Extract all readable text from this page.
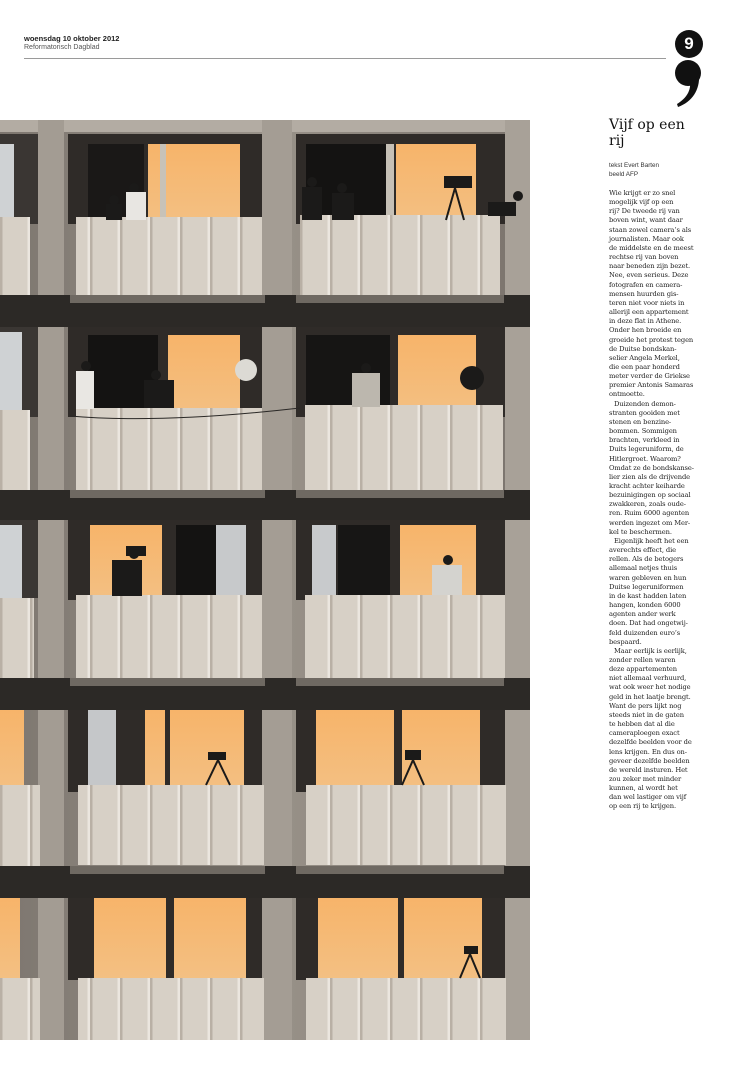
woensdag 10 oktober 2012
Reformatorisch Dagblad	9
Vijf op een
rij
tekst Evert Barten
beeld AFP
Wie krijgt er zo snel
mogelijk vijf op een
rij? De tweede rij van
boven wint, want daar
staan zowel camera’s als
journalisten. Maar ook
de middelste en de meest
rechtse rij van boven
naar beneden zijn bezet.
Nee, even serieus. Deze
fotografen en camera-
mensen huurden gis-
teren niet voor niets in
allerijl een appartement
in deze flat in Athene.
Onder hen broeide en
groeide het protest tegen
de Duitse bondskan-
selier Angela Merkel,
die een paar honderd
meter verder de Griekse
premier Antonis Samaras
ontmoette.
Duizenden demon-
stranten gooiden met
stenen en benzine-
bommen. Sommigen
brachten, verkleed in
Duits legeruniform, de
Hitlergroet. Waarom?
Omdat ze de bondskanse-
lier zien als de drijvende
kracht achter keiharde
bezuinigingen op sociaal
zwakkeren, zoals oude-
ren. Ruim 6000 agenten
werden ingezet om Mer-
kel te beschermen.
Eigenlijk heeft het een
averechts effect, die
rellen. Als de betogers
allemaal netjes thuis
waren gebleven en hun
Duitse legeruniformen
in de kast hadden laten
hangen, konden 6000
agenten ander werk
doen. Dat had ongetwij-
feld duizenden euro’s
bespaard.
Maar eerlijk is eerlijk,
zonder rellen waren
deze appartementen
niet allemaal verhuurd,
wat ook weer het nodige
geld in het laatje brengt.
Want de pers lijkt nog
steeds niet in de gaten
te hebben dat al die
cameraploegen exact
dezelfde beelden voor de
lens krijgen. En dus on-
geveer dezelfde beelden
de wereld insturen. Het
zou zeker met minder
kunnen, al wordt het
dan wel lastiger om vijf
op een rij te krijgen.
